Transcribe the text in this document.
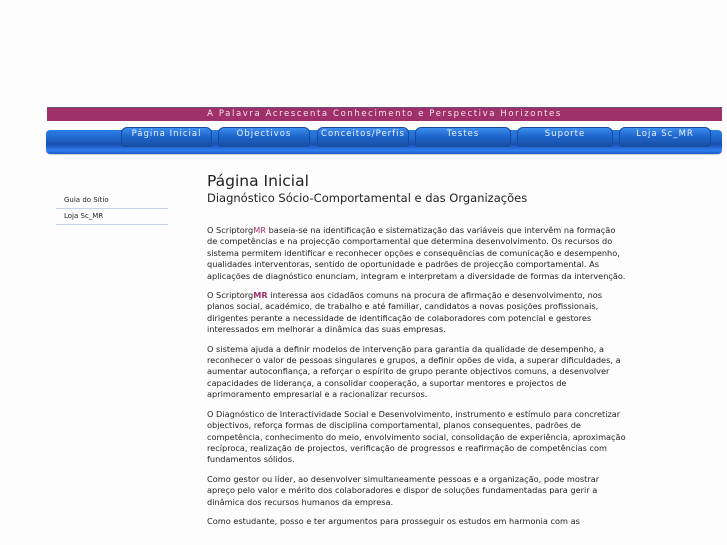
A Palavra Acrescenta Conhecimento e Perspectiva Horizontes
Página Inicial	Objectivos	Conceitos/Perfis	Testes	Suporte	Loja Sc_MR
Guia do Sítio
Loja Sc_MR
Página Inicial
Diagnóstico Sócio-Comportamental e das Organizações

O ScriptorgMR baseia-se na identificação e sistematização das variáveis que intervêm na formação de competências e na projecção comportamental que determina desenvolvimento. Os recursos do sistema permitem identificar e reconhecer opções e consequências de comunicação e desempenho, qualidades interventoras, sentido de oportunidade e padrões de projecção comportamental. As aplicações de diagnóstico enunciam, integram e interpretam a diversidade de formas da intervenção.

O ScriptorgMR interessa aos cidadãos comuns na procura de afirmação e desenvolvimento, nos planos social, académico, de trabalho e até familiar, candidatos a novas posições profissionais, dirigentes perante a necessidade de identificação de colaboradores com potencial e gestores interessados em melhorar a dinâmica das suas empresas.

O sistema ajuda a definir modelos de intervenção para garantia da qualidade de desempenho, a reconhecer o valor de pessoas singulares e grupos, a definir opões de vida, a superar dificuldades, a aumentar autoconfiança, a reforçar o espírito de grupo perante objectivos comuns, a desenvolver capacidades de liderança, a consolidar cooperação, a suportar mentores e projectos de aprimoramento empresarial e a racionalizar recursos.

O Diagnóstico de Interactividade Social e Desenvolvimento, instrumento e estímulo para concretizar objectivos, reforça formas de disciplina comportamental, planos consequentes, padrões de competência, conhecimento do meio, envolvimento social, consolidação de experiência, aproximação recíproca, realização de projectos, verificação de progressos e reafirmação de competências com fundamentos sólidos.

Como gestor ou líder, ao desenvolver simultaneamente pessoas e a organização, pode mostrar apreço pelo valor e mérito dos colaboradores e dispor de soluções fundamentadas para gerir a dinâmica dos recursos humanos da empresa.

Como estudante, posso e ter argumentos para prosseguir os estudos em harmonia com as
